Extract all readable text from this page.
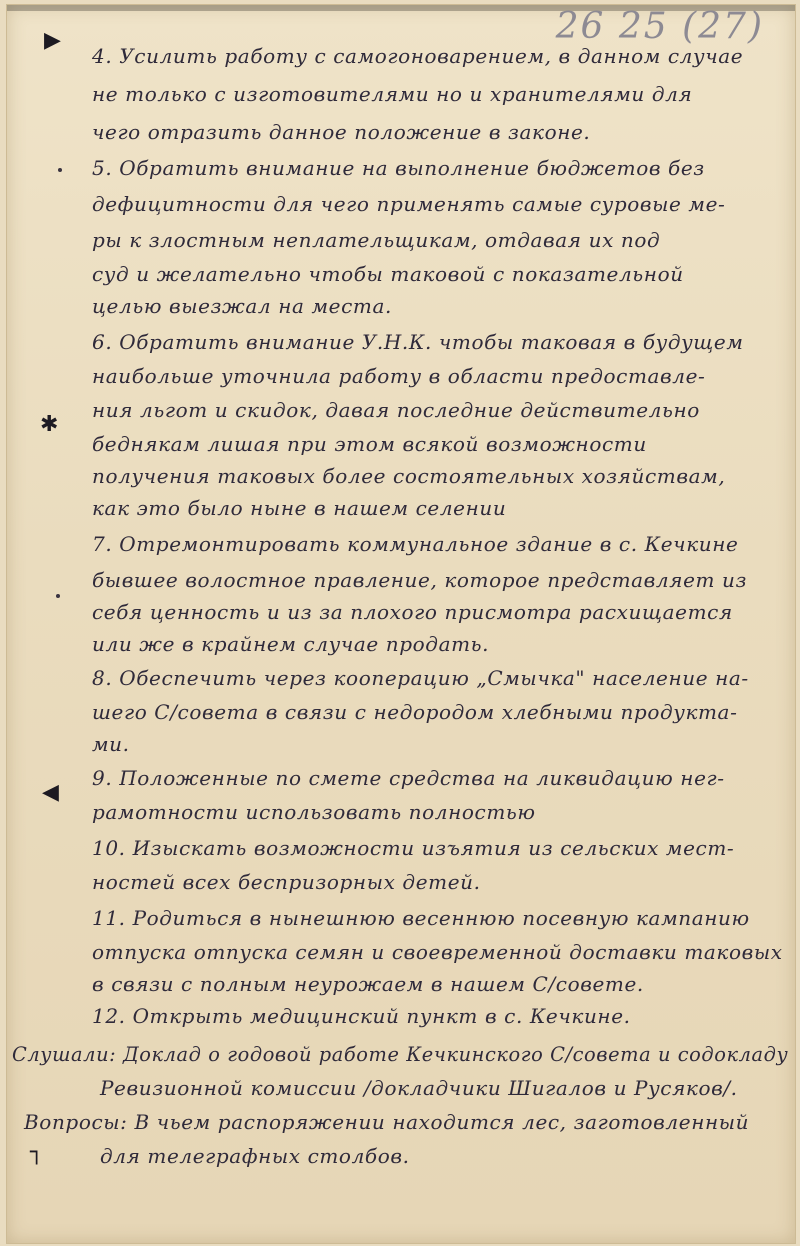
26 25 (27)
▶
✱
◀
┐
4. Усилить работу с самогоноварением, в данном случае
не только с изготовителями но и хранителями для
чего отразить данное положение в законе.
5. Обратить внимание на выполнение бюджетов без
дефицитности для чего применять самые суровые ме-
ры к злостным неплательщикам, отдавая их под
суд и желательно чтобы таковой с показательной
целью выезжал на места.
6. Обратить внимание У.Н.К. чтобы таковая в будущем
наибольше уточнила работу в области предоставле-
ния льгот и скидок, давая последние действительно
беднякам лишая при этом всякой возможности
получения таковых более состоятельных хозяйствам,
как это было ныне в нашем селении
7. Отремонтировать коммунальное здание в с. Кечкине
бывшее волостное правление, которое представляет из
себя ценность и из за плохого присмотра расхищается
или же в крайнем случае продать.
8. Обеспечить через кооперацию „Смычка" население на-
шего С/совета в связи с недородом хлебными продукта-
ми.
9. Положенные по смете средства на ликвидацию нег-
рамотности использовать полностью
10. Изыскать возможности изъятия из сельских мест-
ностей всех беспризорных детей.
11. Родиться в нынешнюю весеннюю посевную кампанию
отпуска отпуска семян и своевременной доставки таковых
в связи с полным неурожаем в нашем С/совете.
12. Открыть медицинский пункт в с. Кечкине.
Слушали: Доклад о годовой работе Кечкинского С/совета и содокладу
Ревизионной комиссии /докладчики Шигалов и Русяков/.
Вопросы: В чьем распоряжении находится лес, заготовленный
для телеграфных столбов.
